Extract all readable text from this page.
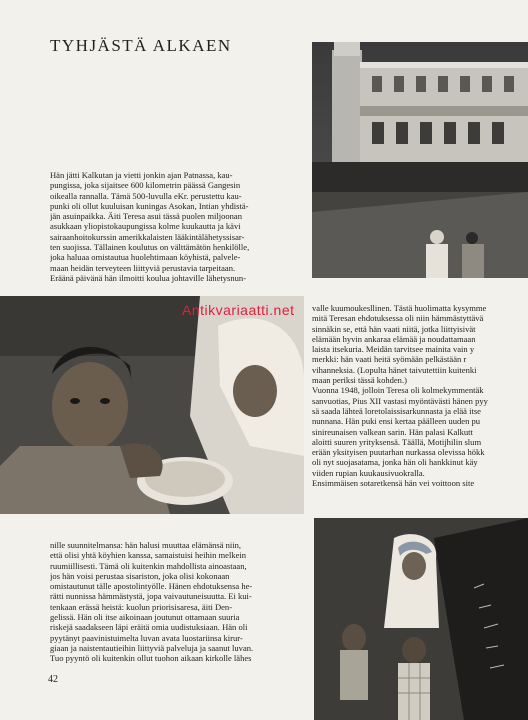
TYHJÄSTÄ ALKAEN
Hän jätti Kalkutan ja vietti jonkin ajan Patnassa, kau-
pungissa, joka sijaitsee 600 kilometrin päässä Gangesin
oikealla rannalla. Tämä 500-luvulla eKr. perustettu kau-
punki oli ollut kuuluisan kuningas Asokan, Intian yhdistä-
jän asuinpaikka. Äiti Teresa asui tässä puolen miljoonan
asukkaan yliopistokaupungissa kolme kuukautta ja kävi
sairaanhoitokurssin amerikkalaisten lääkintälähetyssisar-
ten suojissa. Tällainen koulutus on välttämätön henkilölle,
joka haluaa omistautua huolehtimaan köyhistä, palvele-
maan heidän terveyteen liittyviä perustavia tarpeitaan.
Eräänä päivänä hän ilmoitti koulua johtaville lähetysnun-
valle kuumoukesllinen. Tästä huolimatta kysymme
mitä Teresan ehdotuksessa oli niin hämmästyttävä
sinnäkin se, että hän vaati niitä, jotka liittyisivät
elämään hyvin ankaraa elämää ja noudattamaan
laista itsekuria. Meidän tarvitsee mainita vain y
merkki: hän vaati heitä syömään pelkästään r
vihanneksia. (Lopulta hänet taivutettiin kuitenki
maan periksi tässä kohden.)
Vuonna 1948, jolloin Teresa oli kolmekymmentäk
sanvuotias, Pius XII vastasi myöntävästi hänen pyy
sä saada lähteä loretolaissisarkunnasta ja elää itse
nunnana. Hän puki ensi kertaa päälleen uuden pu
sinireunaisen valkean sarin. Hän palasi Kalkutt
aloitti suuren yrityksensä. Täällä, Motijhilin slum
erään yksityisen puutarhan nurkassa olevissa hökk
oli nyt suojasatama, jonka hän oli hankkinut käy
viiden rupian kuukausivuokralla.
Ensimmäisen sotaretkensä hän vei voittoon site
Antikvariaatti.net
nille suunnitelmansa: hän halusi muuttaa elämänsä niin,
että olisi yhtä köyhien kanssa, samaistuisi heihin melkein
ruumiillisesti. Tämä oli kuitenkin mahdollista ainoastaan,
jos hän voisi perustaa sisariston, joka olisi kokonaan
omistautunut tälle apostolintyölle. Hänen ehdotuksensa he-
rätti nunnissa hämmästystä, jopa vaivautuneisuutta. Ei kui-
tenkaan erässä heistä: kuolun priorisisaresa, äiti Den-
gelissä. Hän oli itse aikoinaan joutunut ottamaan suuria
riskejä saadakseen läpi eräitä omia uudistuksiaan. Hän oli
pyytänyt paavinistuimelta luvan avata luostariinsa kirur-
giaan ja naistentautieihin liittyviä palveluja ja saanut luvan.
Tuo pyyntö oli kuitenkin ollut tuohon aikaan kirkolle lähes
42
